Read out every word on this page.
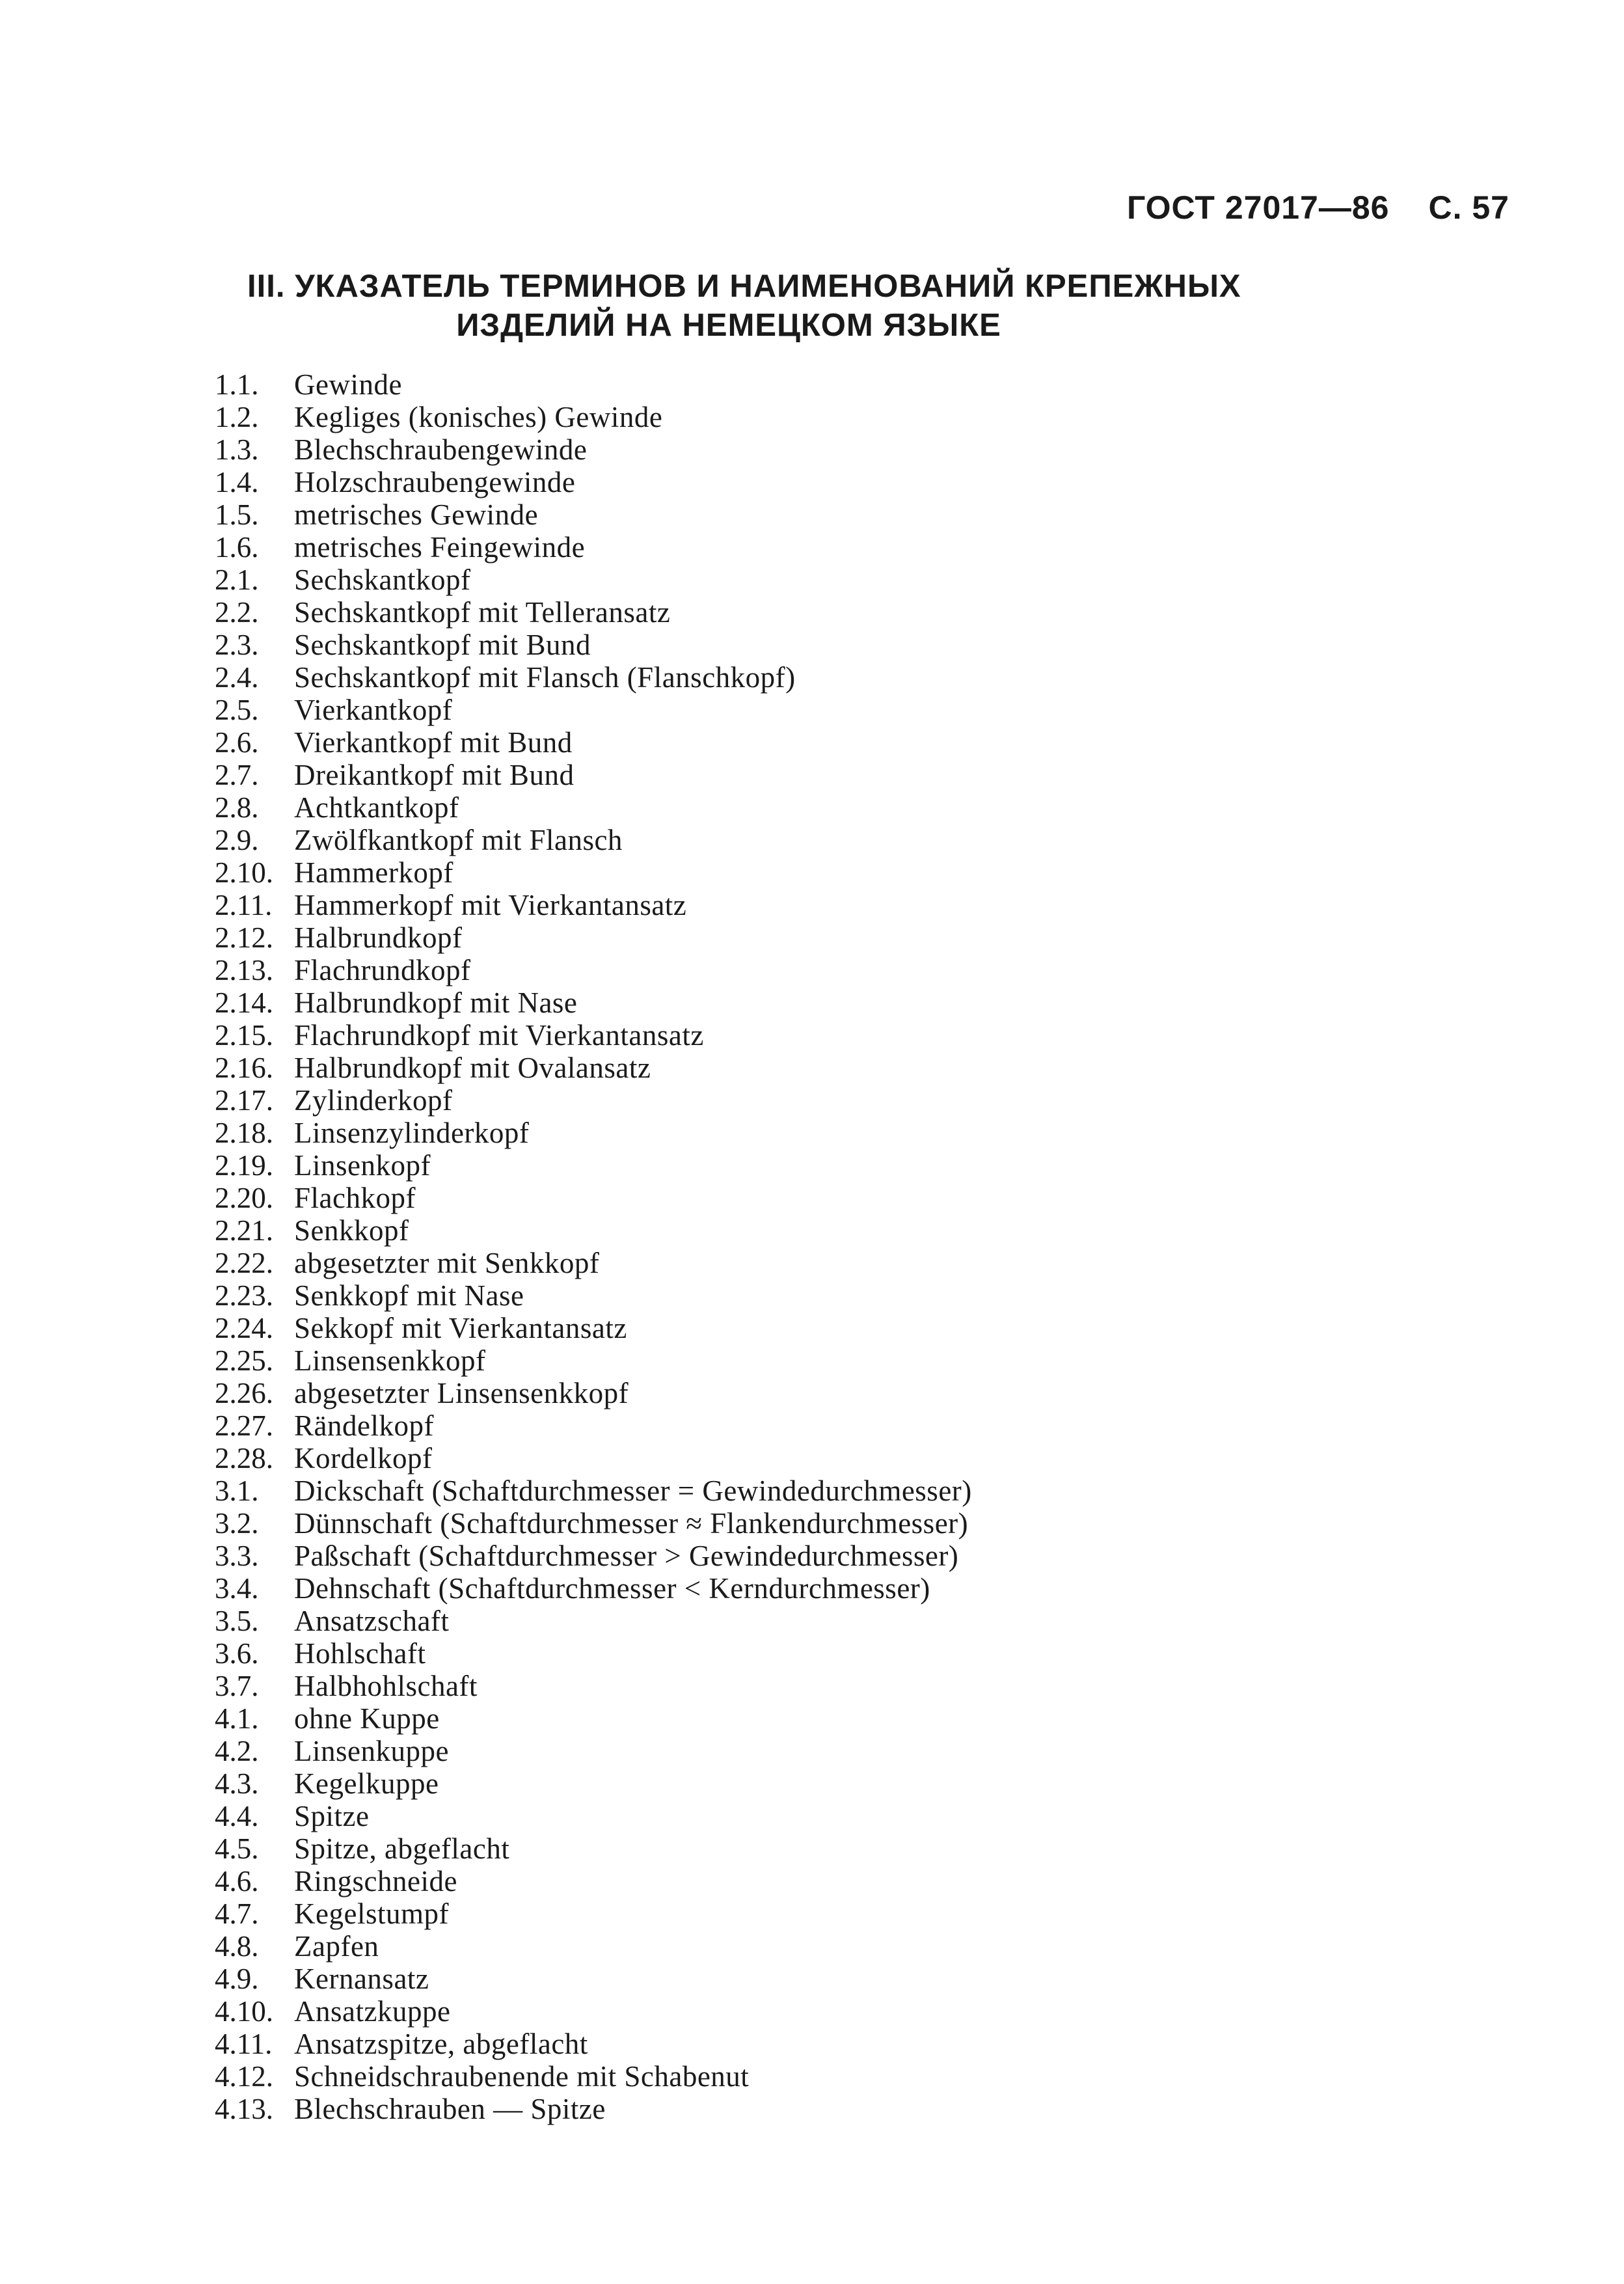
ГОСТ 27017—86 С. 57
III. УКАЗАТЕЛЬ ТЕРМИНОВ И НАИМЕНОВАНИЙ КРЕПЕЖНЫХ
ИЗДЕЛИЙ НА НЕМЕЦКОМ ЯЗЫКЕ
1.1.	Gewinde
1.2.	Kegliges (konisches) Gewinde
1.3.	Blechschraubengewinde
1.4.	Holzschraubengewinde
1.5.	metrisches Gewinde
1.6.	metrisches Feingewinde
2.1.	Sechskantkopf
2.2.	Sechskantkopf mit Telleransatz
2.3.	Sechskantkopf mit Bund
2.4.	Sechskantkopf mit Flansch (Flanschkopf)
2.5.	Vierkantkopf
2.6.	Vierkantkopf mit Bund
2.7.	Dreikantkopf mit Bund
2.8.	Achtkantkopf
2.9.	Zwölfkantkopf mit Flansch
2.10. Hammerkopf
2.11. Hammerkopf mit Vierkantansatz
2.12. Halbrundkopf
2.13. Flachrundkopf
2.14. Halbrundkopf mit Nase
2.15. Flachrundkopf mit Vierkantansatz
2.16. Halbrundkopf mit Ovalansatz
2.17. Zylinderkopf
2.18. Linsenzylinderkopf
2.19. Linsenkopf
2.20. Flachkopf
2.21. Senkkopf
2.22. abgesetzter mit Senkkopf
2.23. Senkkopf mit Nase
2.24. Sekkopf mit Vierkantansatz
2.25. Linsensenkkopf
2.26. abgesetzter Linsensenkkopf
2.27. Rändelkopf
2.28. Kordelkopf
3.1.	Dickschaft (Schaftdurchmesser = Gewindedurchmesser)
3.2.	Dünnschaft (Schaftdurchmesser ≈ Flankendurchmesser)
3.3.	Paßschaft (Schaftdurchmesser > Gewindedurchmesser)
3.4.	Dehnschaft (Schaftdurchmesser < Kerndurchmesser)
3.5.	Ansatzschaft
3.6.	Hohlschaft
3.7.	Halbhohlschaft
4.1.	ohne Kuppe
4.2.	Linsenkuppe
4.3.	Kegelkuppe
4.4.	Spitze
4.5.	Spitze, abgeflacht
4.6.	Ringschneide
4.7.	Kegelstumpf
4.8.	Zapfen
4.9.	Kernansatz
4.10. Ansatzkuppe
4.11. Ansatzspitze, abgeflacht
4.12. Schneidschraubenende mit Schabenut
4.13. Blechschrauben — Spitze
